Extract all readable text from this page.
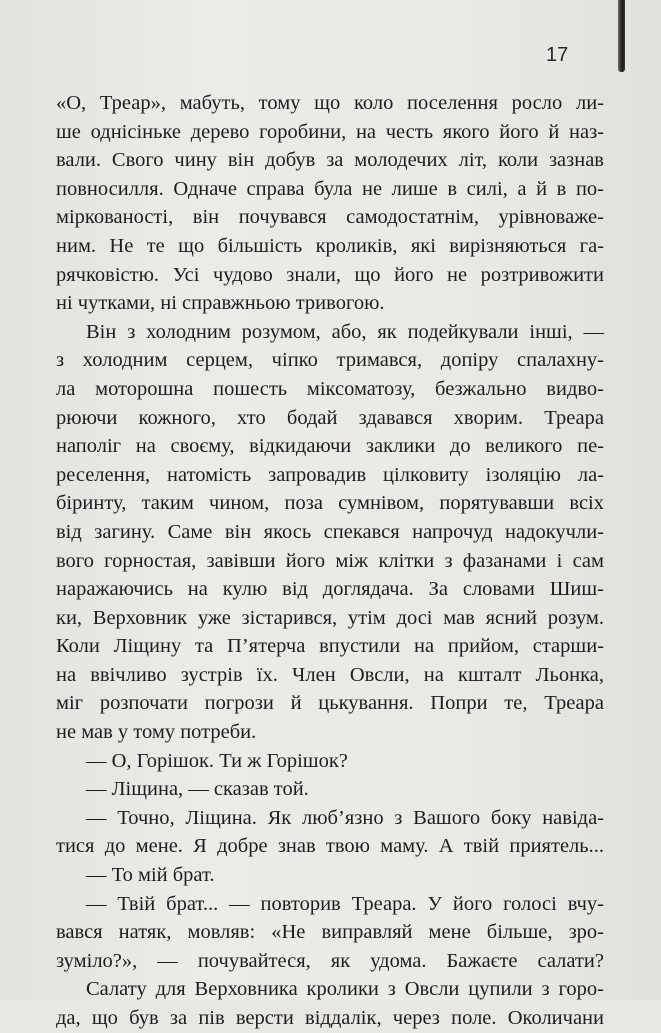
17
«О, Треар», мабуть, тому що коло поселення росло ли-
ше однісіньке дерево горобини, на честь якого його й наз-
вали. Свого чину він добув за молодечих літ, коли зазнав
повносилля. Одначе справа була не лише в силі, а й в по-
міркованості, він почувався самодостатнім, урівноваже-
ним. Не те що більшість кроликів, які вирізняються га-
рячковістю. Усі чудово знали, що його не розтривожити
ні чутками, ні справжньою тривогою.
Він з холодним розумом, або, як подейкували інші, —
з холодним серцем, чіпко тримався, допіру спалахну-
ла моторошна пошесть міксоматозу, безжально видво-
рюючи кожного, хто бодай здавався хворим. Треара
наполіг на своєму, відкидаючи заклики до великого пе-
реселення, натомість запровадив цілковиту ізоляцію ла-
біринту, таким чином, поза сумнівом, порятувавши всіх
від загину. Саме він якось спекався напрочуд надокучли-
вого горностая, завівши його між клітки з фазанами і сам
наражаючись на кулю від доглядача. За словами Шиш-
ки, Верховник уже зістарився, утім досі мав ясний розум.
Коли Ліщину та П’ятерча впустили на прийом, старши-
на ввічливо зустрів їх. Член Овсли, на кшталт Льонка,
міг розпочати погрози й цькування. Попри те, Треара
не мав у тому потреби.
— О, Горішок. Ти ж Горішок?
— Ліщина, — сказав той.
— Точно, Ліщина. Як люб’язно з Вашого боку навіда-
тися до мене. Я добре знав твою маму. А твій приятель...
— То мій брат.
— Твій брат... — повторив Треара. У його голосі вчу-
вався натяк, мовляв: «Не виправляй мене більше, зро-
зуміло?», — почувайтеся, як удома. Бажаєте салати?
Салату для Верховника кролики з Овсли цупили з горо-
да, що був за пів версти віддалік, через поле. Околичани
